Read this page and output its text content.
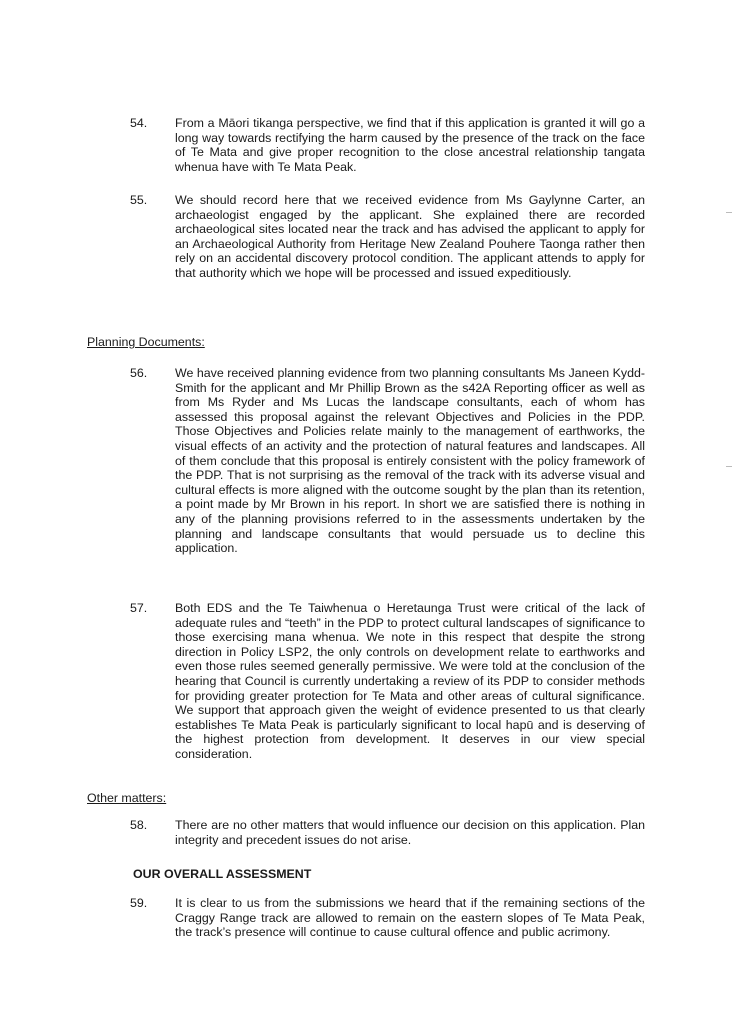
54.	From a Māori tikanga perspective, we find that if this application is granted it will go a long way towards rectifying the harm caused by the presence of the track on the face of Te Mata and give proper recognition to the close ancestral relationship tangata whenua have with Te Mata Peak.
55.	We should record here that we received evidence from Ms Gaylynne Carter, an archaeologist engaged by the applicant. She explained there are recorded archaeological sites located near the track and has advised the applicant to apply for an Archaeological Authority from Heritage New Zealand Pouhere Taonga rather then rely on an accidental discovery protocol condition. The applicant attends to apply for that authority which we hope will be processed and issued expeditiously.
Planning Documents:
56.	We have received planning evidence from two planning consultants Ms Janeen Kydd-Smith for the applicant and Mr Phillip Brown as the s42A Reporting officer as well as from Ms Ryder and Ms Lucas the landscape consultants, each of whom has assessed this proposal against the relevant Objectives and Policies in the PDP. Those Objectives and Policies relate mainly to the management of earthworks, the visual effects of an activity and the protection of natural features and landscapes. All of them conclude that this proposal is entirely consistent with the policy framework of the PDP. That is not surprising as the removal of the track with its adverse visual and cultural effects is more aligned with the outcome sought by the plan than its retention, a point made by Mr Brown in his report. In short we are satisfied there is nothing in any of the planning provisions referred to in the assessments undertaken by the planning and landscape consultants that would persuade us to decline this application.
57.	Both EDS and the Te Taiwhenua o Heretaunga Trust were critical of the lack of adequate rules and “teeth” in the PDP to protect cultural landscapes of significance to those exercising mana whenua. We note in this respect that despite the strong direction in Policy LSP2, the only controls on development relate to earthworks and even those rules seemed generally permissive. We were told at the conclusion of the hearing that Council is currently undertaking a review of its PDP to consider methods for providing greater protection for Te Mata and other areas of cultural significance. We support that approach given the weight of evidence presented to us that clearly establishes Te Mata Peak is particularly significant to local hapū and is deserving of the highest protection from development. It deserves in our view special consideration.
Other matters:
58.	There are no other matters that would influence our decision on this application. Plan integrity and precedent issues do not arise.
OUR OVERALL ASSESSMENT
59.	It is clear to us from the submissions we heard that if the remaining sections of the Craggy Range track are allowed to remain on the eastern slopes of Te Mata Peak, the track’s presence will continue to cause cultural offence and public acrimony.
